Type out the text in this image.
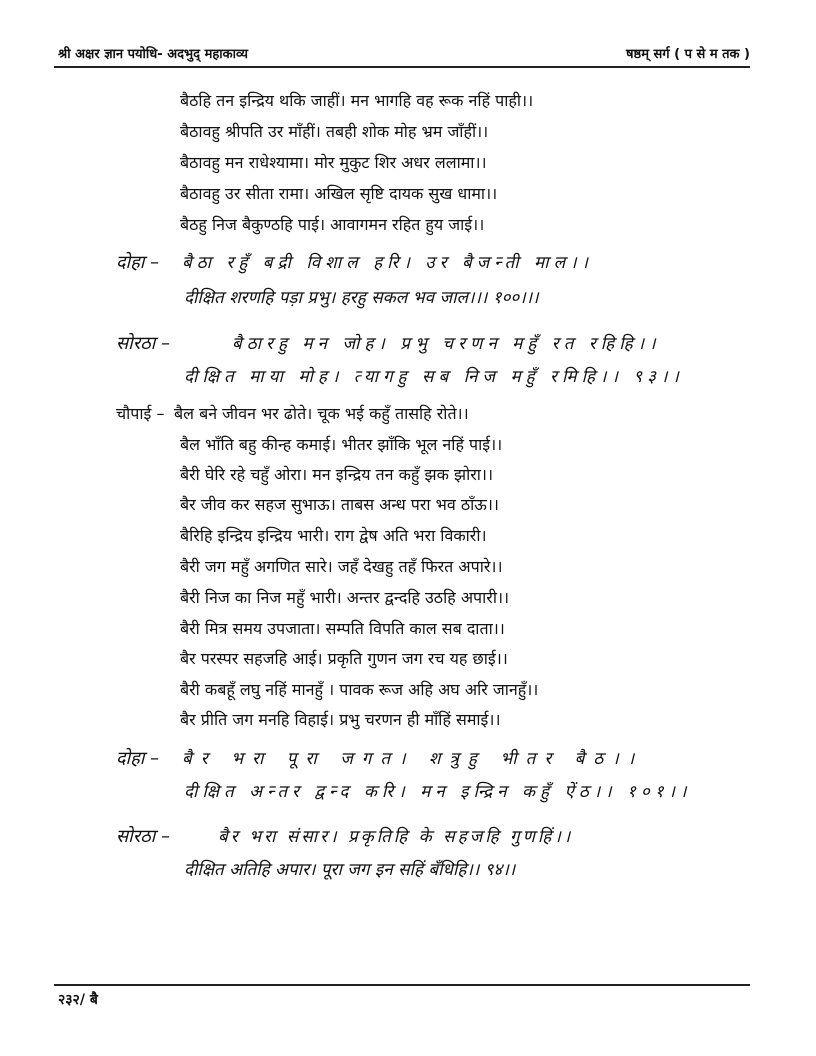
श्री अक्षर ज्ञान पयोधि- अदभुद् महाकाव्य	षष्ठम् सर्ग ( प से म तक )
बैठहि तन इन्द्रिय थकि जाहीं। मन भागहि वह रूक नहिं पाही।।
बैठावहु श्रीपति उर माँहीं। तबही शोक मोह भ्रम जाँहीं।।
बैठावहु मन राधेश्यामा। मोर मुकुट शिर अधर ललामा।।
बैठावहु उर सीता रामा। अखिल सृष्टि दायक सुख धामा।।
बैठहु निज बैकुण्ठहि पाई। आवागमन रहित हुय जाई।।
दोहा – बैठा रहुँ बद्री विशाल हरि। उर बैजन्ती माल।।
दीक्षित शरणहि पड़ा प्रभु। हरहु सकल भव जाल।।। १००।।।
सोरठा –	बैठारहु मन जोह। प्रभु चरणन महुँ रत रहिहि।।
दीक्षित माया मोह। त्यागहु सब निज महुँ रमिहि।। ९३।।
चौपाई – बैल बने जीवन भर ढोते। चूक भई कहुँ तासहि रोते।।
बैल भाँति बहु कीन्ह कमाई। भीतर झाँकि भूल नहिं पाई।।
बैरी घेरि रहे चहुँ ओरा। मन इन्द्रिय तन कहुँ झक झोरा।।
बैर जीव कर सहज सुभाऊ। ताबस अन्ध परा भव ठाँऊ।।
बैरिहि इन्द्रिय इन्द्रिय भारी। राग द्वेष अति भरा विकारी।
बैरी जग महुँ अगणित सारे। जहँ देखहु तहँ फिरत अपारे।।
बैरी निज का निज महुँ भारी। अन्तर द्वन्दहि उठहि अपारी।।
बैरी मित्र समय उपजाता। सम्पति विपति काल सब दाता।।
बैर परस्पर सहजहि आई। प्रकृति गुणन जग रच यह छाई।।
बैरी कबहूँ लघु नहिं मानहुँ । पावक रूज अहि अघ अरि जानहुँ।।
बैर प्रीति जग मनहि विहाई। प्रभु चरणन ही माँहिं समाई।।
दोहा – बैर भरा पूरा जगत। शत्रुहु भीतर बैठ।।
दीक्षित अन्तर द्वन्द करि। मन इन्द्रिन कहुँ ऐंठ।। १०१।।
सोरठा –	बैर भरा संसार। प्रकृतिहि के सहजहि गुणहिं।।
दीक्षित अतिहि अपार। पूरा जग इन सहिं बँधिहि।। ९४।।
२३२/ बै
